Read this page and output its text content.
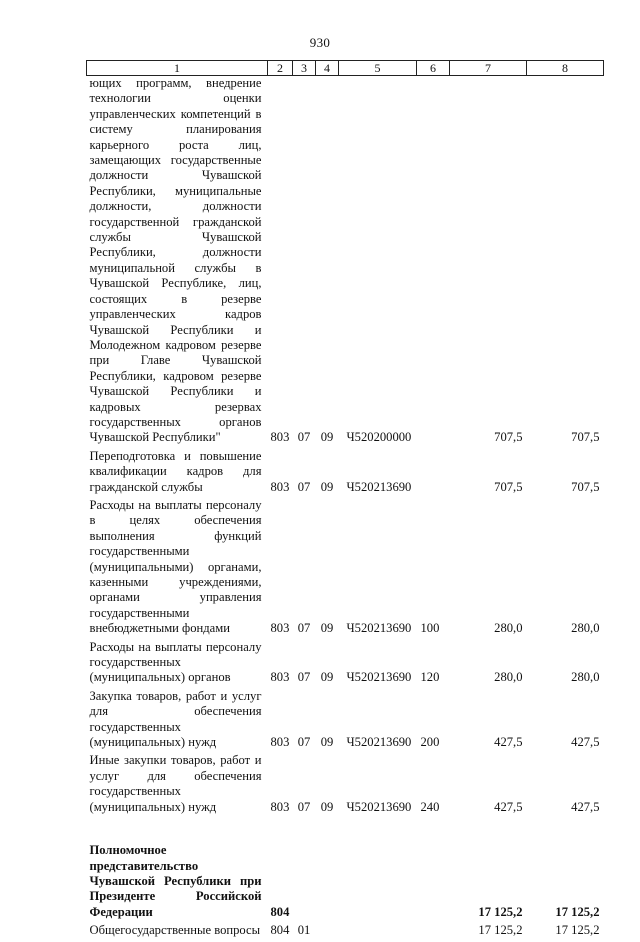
930
1	2	3	4	5	6	7	8
ющих программ, внедрение технологии оценки управленческих компетенций в систему планирования карьерного роста лиц, замещающих государственные должности Чувашской Республики, муниципальные должности, должности государственной гражданской службы Чувашской Республики, должности муниципальной службы в Чувашской Республике, лиц, состоящих в резерве управленческих кадров Чувашской Республики и Молодежном кадровом резерве при Главе Чувашской Республики, кадровом резерве Чувашской Республики и кадровых резервах государственных органов Чувашской Республики"	803	07	09	Ч520200000		707,5	707,5
Переподготовка и повышение квалификации кадров для гражданской службы	803	07	09	Ч520213690		707,5	707,5
Расходы на выплаты персоналу в целях обеспечения выполнения функций государственными (муниципальными) органами, казенными учреждениями, органами управления государственными внебюджетными фондами	803	07	09	Ч520213690	100	280,0	280,0
Расходы на выплаты персоналу государственных (муниципальных) органов	803	07	09	Ч520213690	120	280,0	280,0
Закупка товаров, работ и услуг для обеспечения государственных (муниципальных) нужд	803	07	09	Ч520213690	200	427,5	427,5
Иные закупки товаров, работ и услуг для обеспечения государственных (муниципальных) нужд	803	07	09	Ч520213690	240	427,5	427,5

Полномочное представительство Чувашской Республики при Президенте Российской Федерации	804					17 125,2	17 125,2
Общегосударственные вопросы	804	01				17 125,2	17 125,2
